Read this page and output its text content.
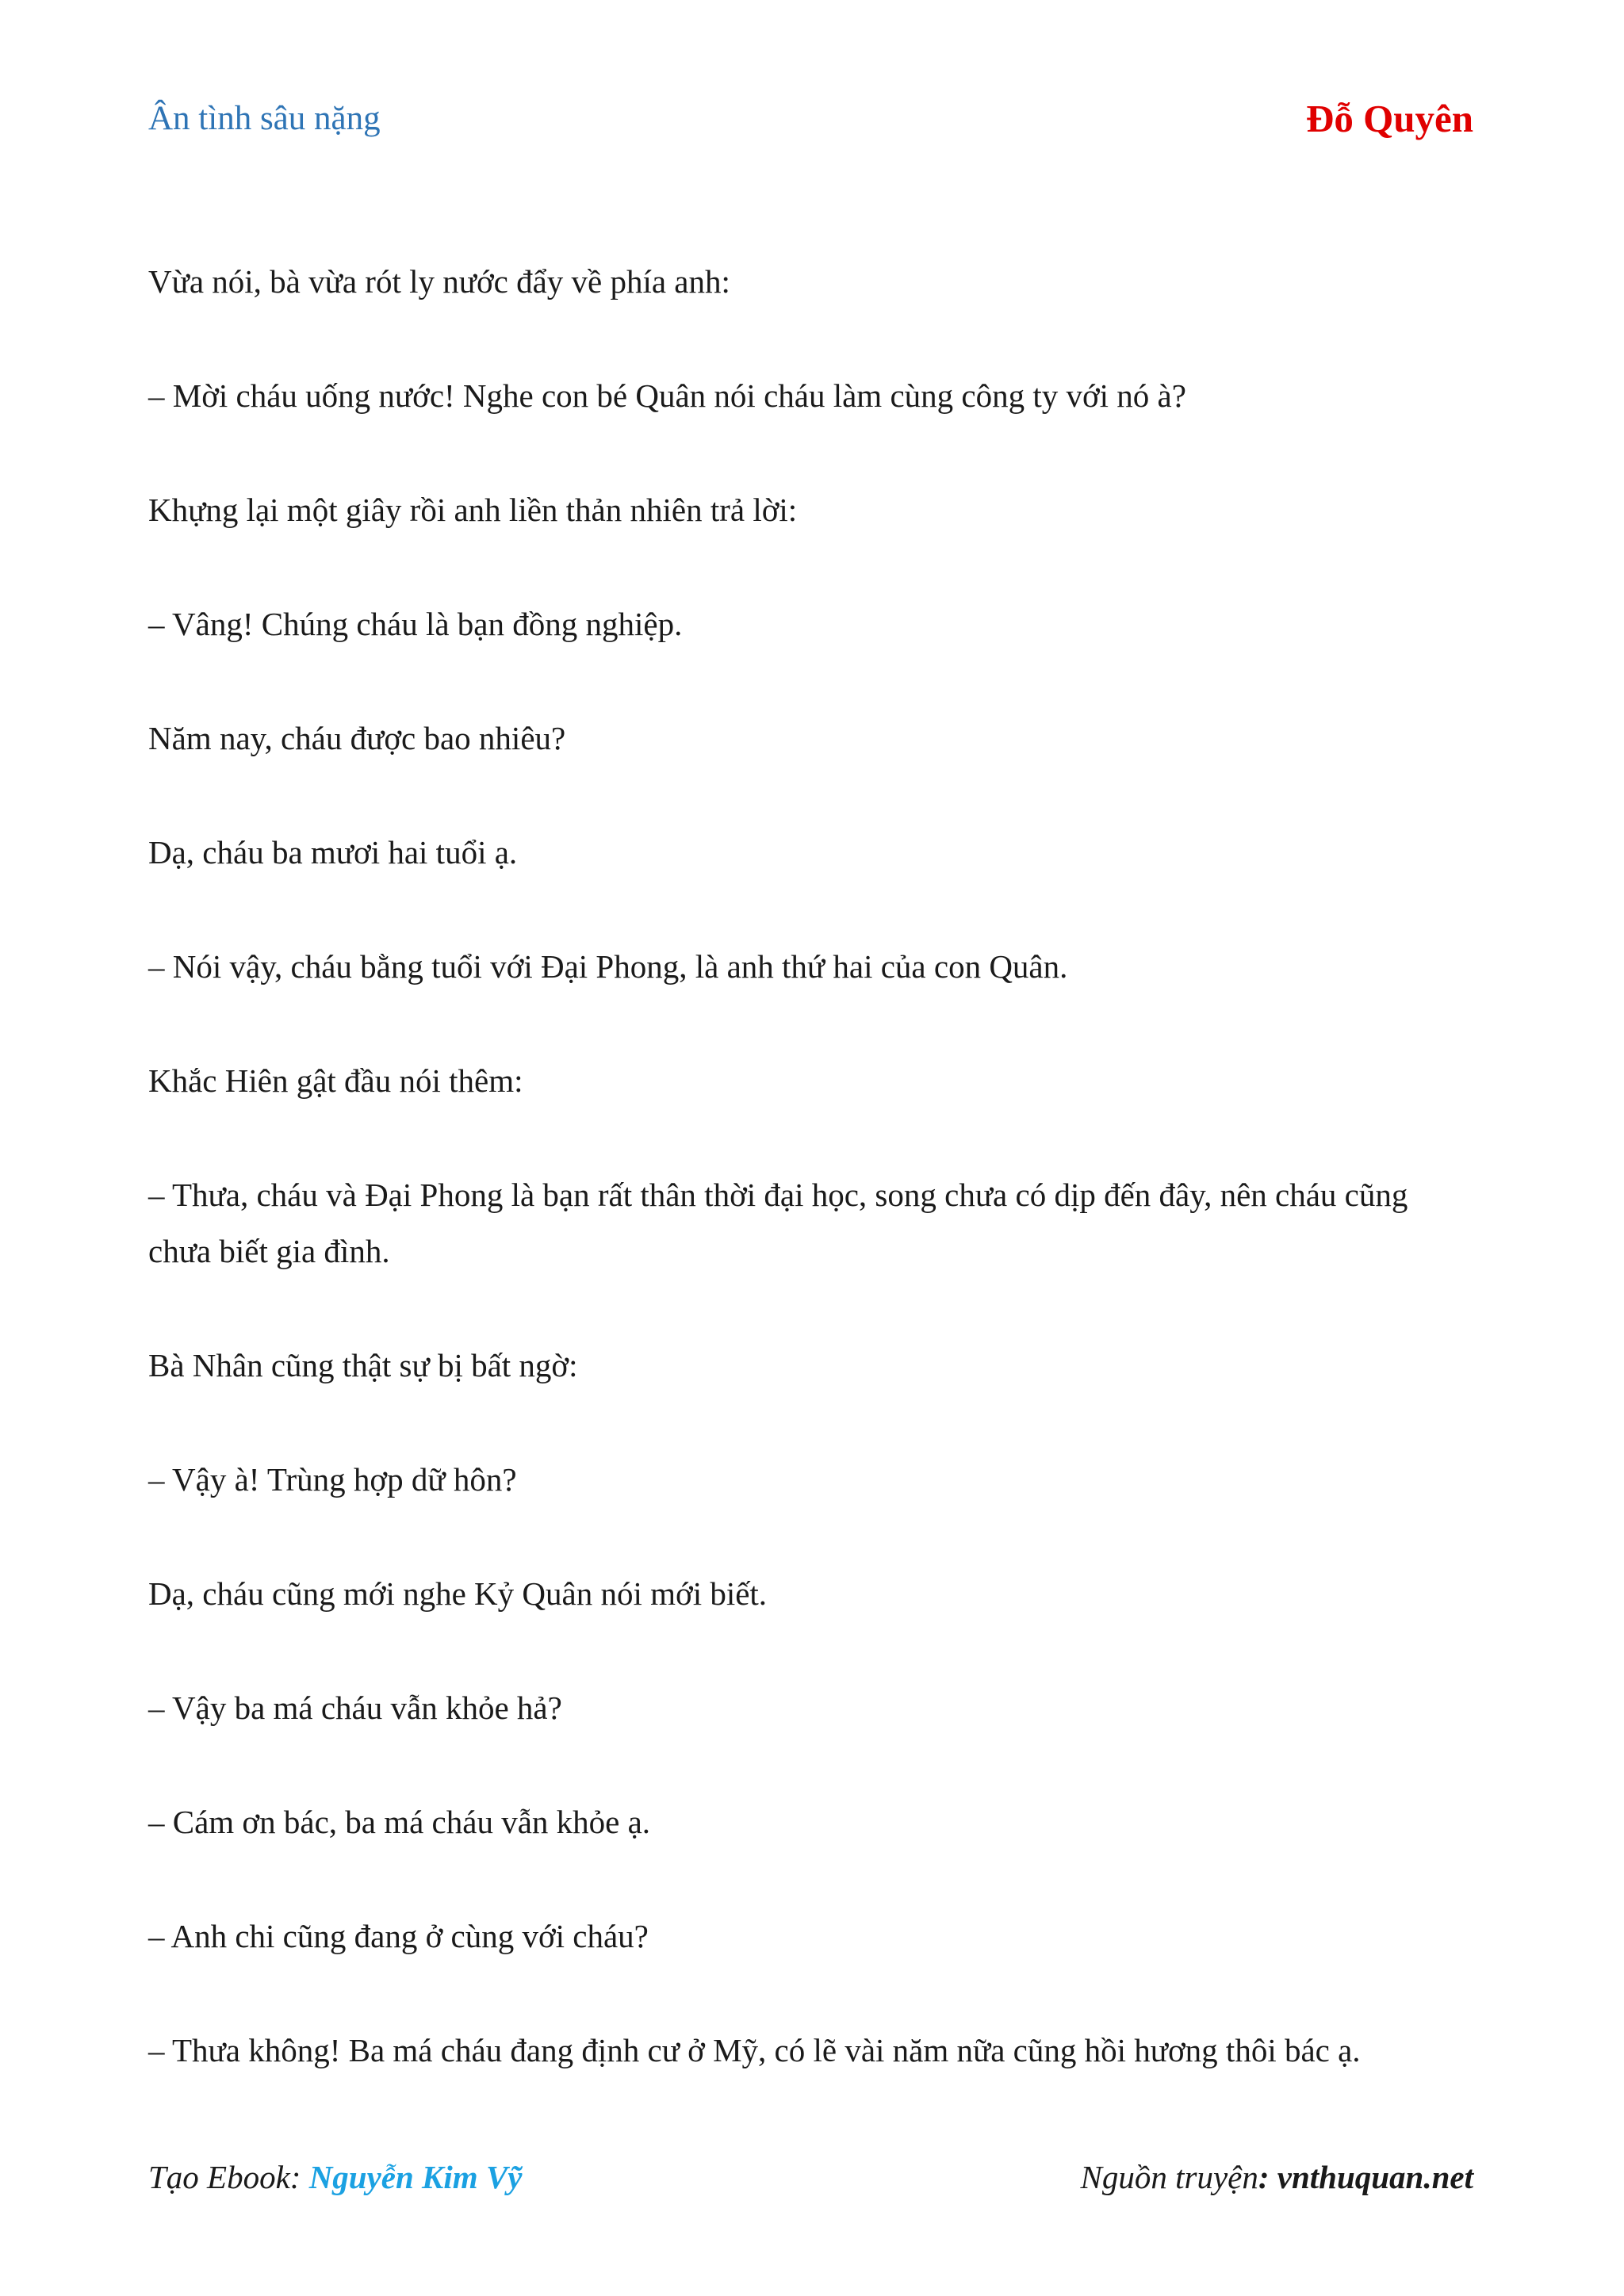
Ân tình sâu nặng	Đỗ Quyên

Vừa nói, bà vừa rót ly nước đẩy về phía anh:

– Mời cháu uống nước! Nghe con bé Quân nói cháu làm cùng công ty với nó à?

Khựng lại một giây rồi anh liền thản nhiên trả lời:

– Vâng! Chúng cháu là bạn đồng nghiệp.

Năm nay, cháu được bao nhiêu?

Dạ, cháu ba mươi hai tuổi ạ.

– Nói vậy, cháu bằng tuổi với Đại Phong, là anh thứ hai của con Quân.

Khắc Hiên gật đầu nói thêm:

– Thưa, cháu và Đại Phong là bạn rất thân thời đại học, song chưa có dịp đến đây, nên cháu cũng chưa biết gia đình.

Bà Nhân cũng thật sự bị bất ngờ:

– Vậy à! Trùng hợp dữ hôn?

Dạ, cháu cũng mới nghe Kỷ Quân nói mới biết.

– Vậy ba má cháu vẫn khỏe hả?

– Cám ơn bác, ba má cháu vẫn khỏe ạ.

– Anh chi cũng đang ở cùng với cháu?

– Thưa không! Ba má cháu đang định cư ở Mỹ, có lẽ vài năm nữa cũng hồi hương thôi bác ạ.

Tạo Ebook: Nguyễn Kim Vỹ	Nguồn truyện: vnthuquan.net
